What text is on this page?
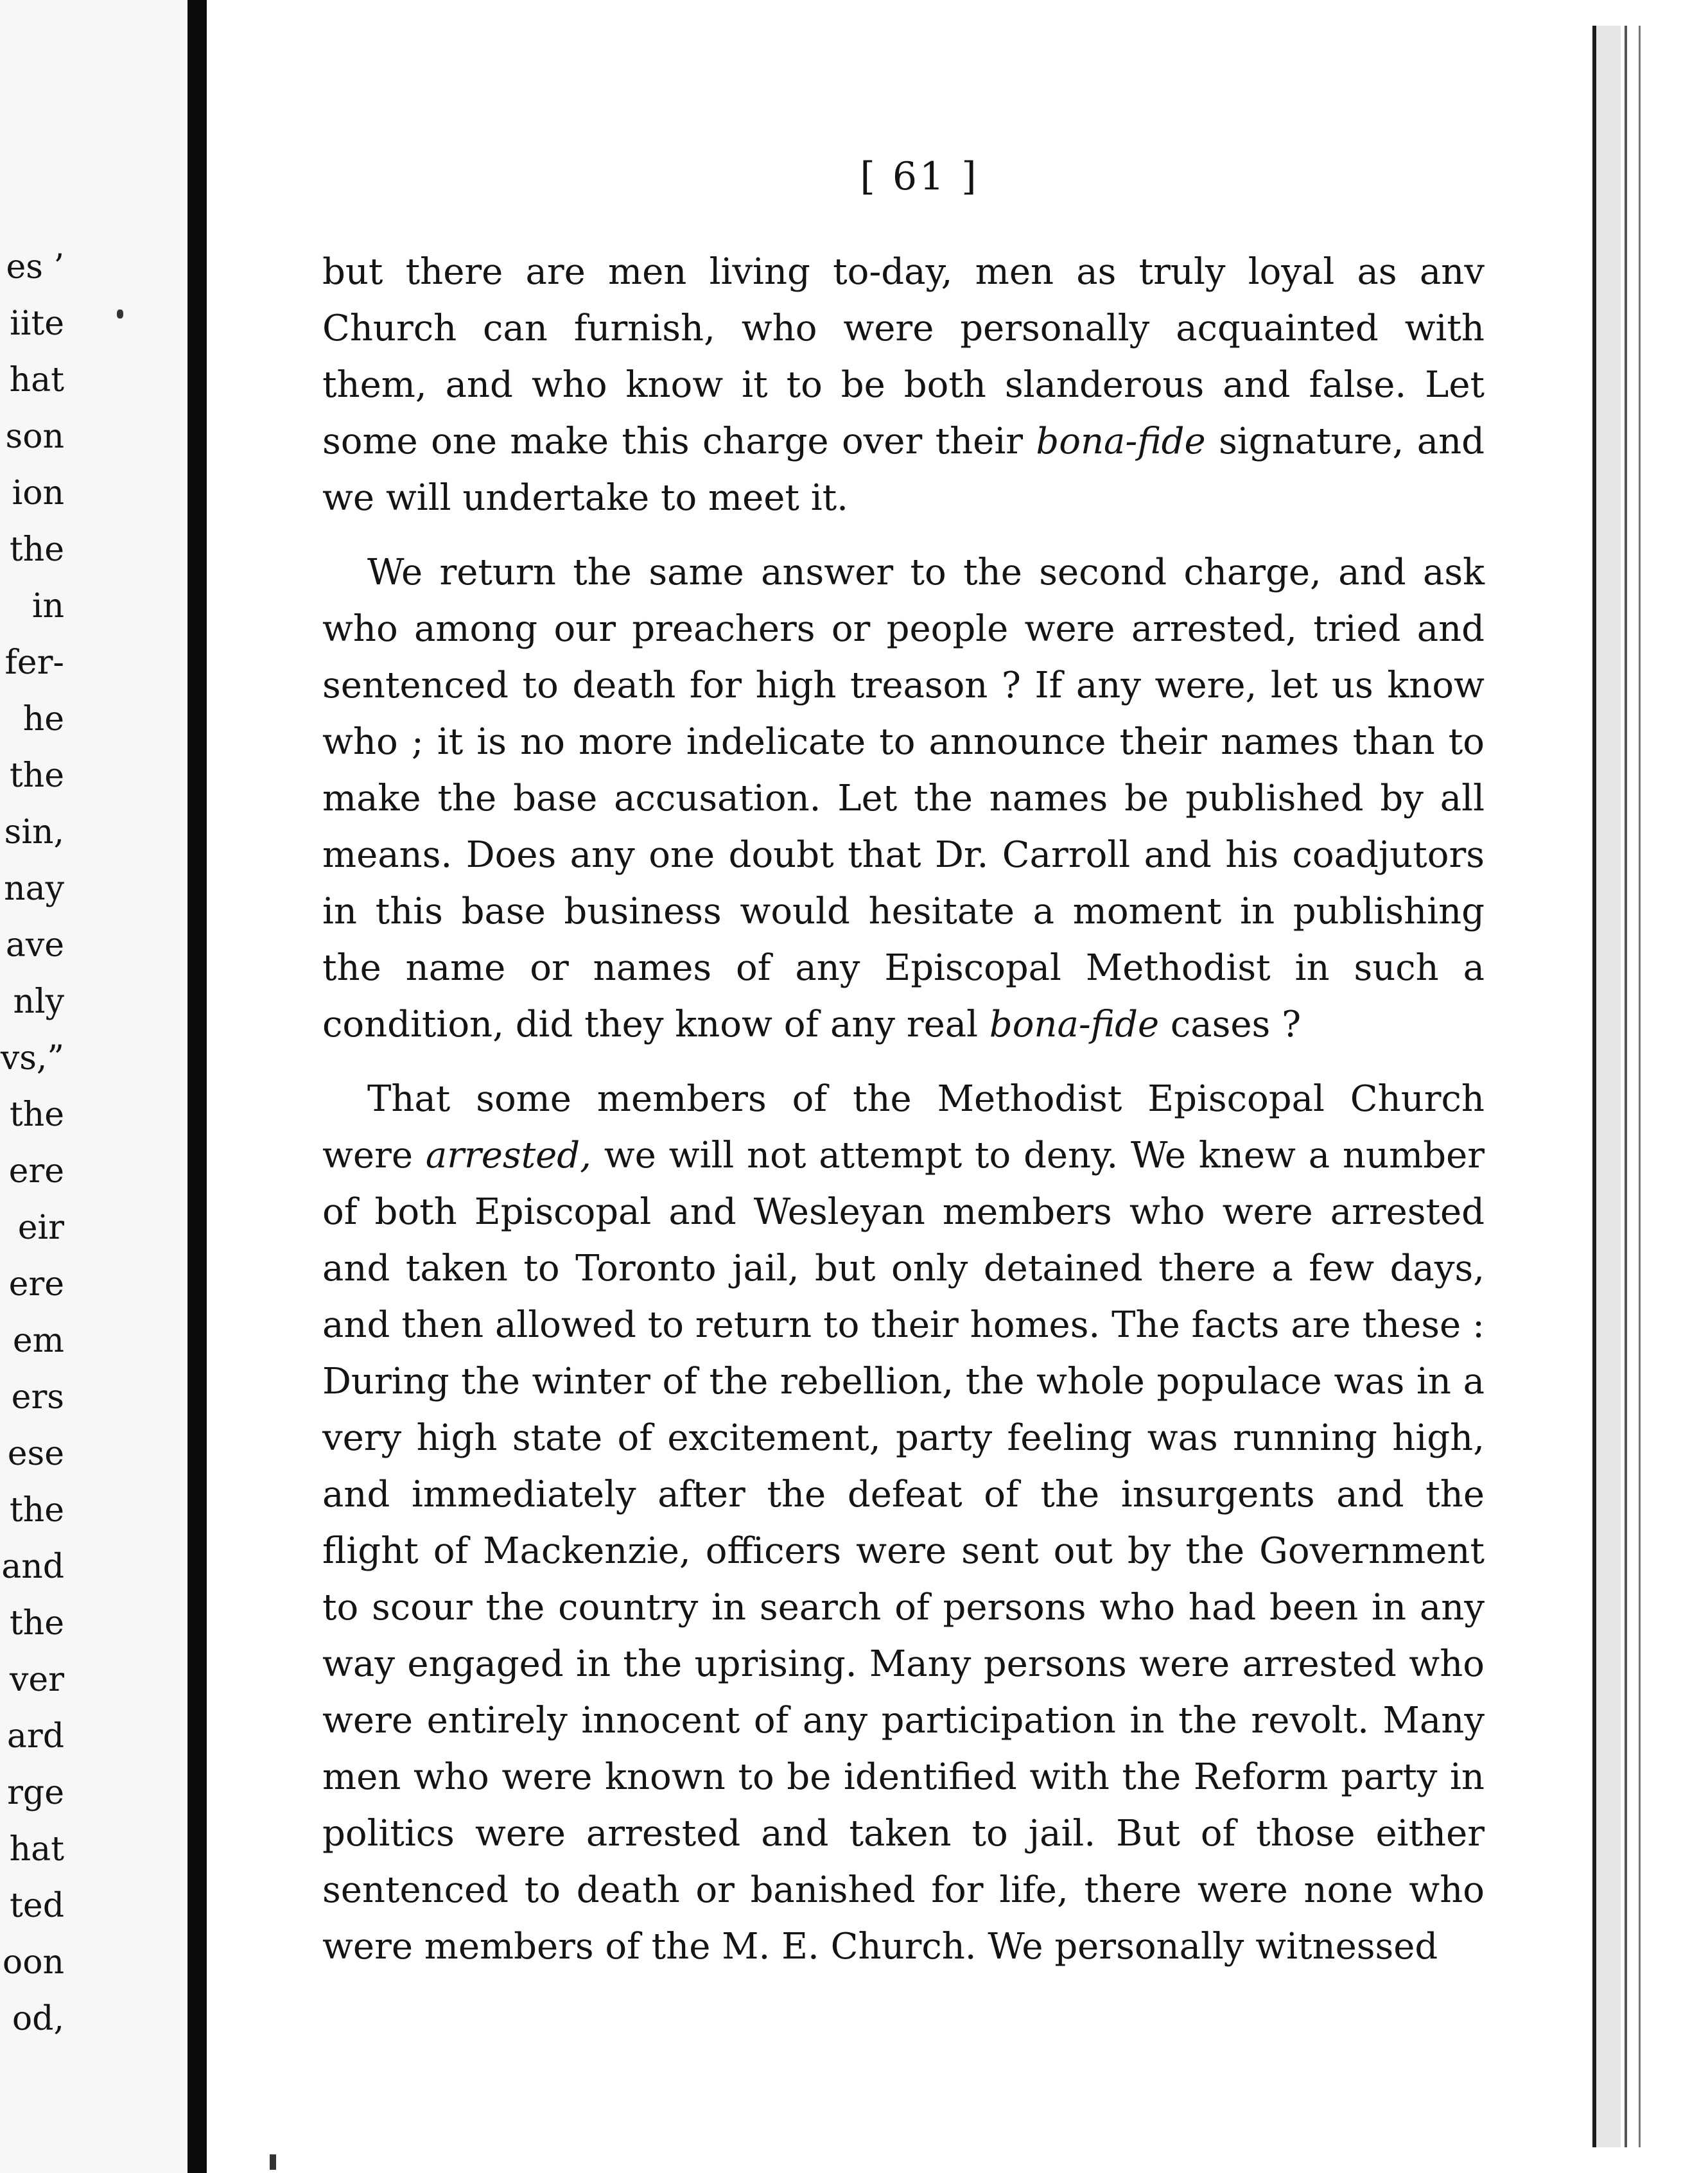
es ’
iite
hat
son
ion
the
in
fer-
he
the
sin,
nay
ave
nly
vs,”
the
ere
eir
ere
em
ers
ese
the
and
the
ver
ard
rge
hat
ted
oon
od,
[ 61 ]

but there are men living to-day, men as truly loyal as anv Church can furnish, who were personally acquainted with them, and who know it to be both slanderous and false. Let some one make this charge over their bona-fide signature, and we will undertake to meet it.

We return the same answer to the second charge, and ask who among our preachers or people were arrested, tried and sentenced to death for high treason ? If any were, let us know who ; it is no more indelicate to announce their names than to make the base accusation. Let the names be published by all means. Does any one doubt that Dr. Carroll and his coadjutors in this base business would hesitate a moment in publishing the name or names of any Episcopal Methodist in such a condition, did they know of any real bona-fide cases ?

That some members of the Methodist Episcopal Church were arrested, we will not attempt to deny. We knew a number of both Episcopal and Wesleyan members who were arrested and taken to Toronto jail, but only detained there a few days, and then allowed to return to their homes. The facts are these : During the winter of the rebellion, the whole populace was in a very high state of excitement, party feeling was running high, and immediately after the defeat of the insurgents and the flight of Mackenzie, officers were sent out by the Government to scour the country in search of persons who had been in any way engaged in the uprising. Many persons were arrested who were entirely innocent of any participation in the revolt. Many men who were known to be identified with the Reform party in politics were arrested and taken to jail. But of those either sentenced to death or banished for life, there were none who were members of the M. E. Church. We personally witnessed
